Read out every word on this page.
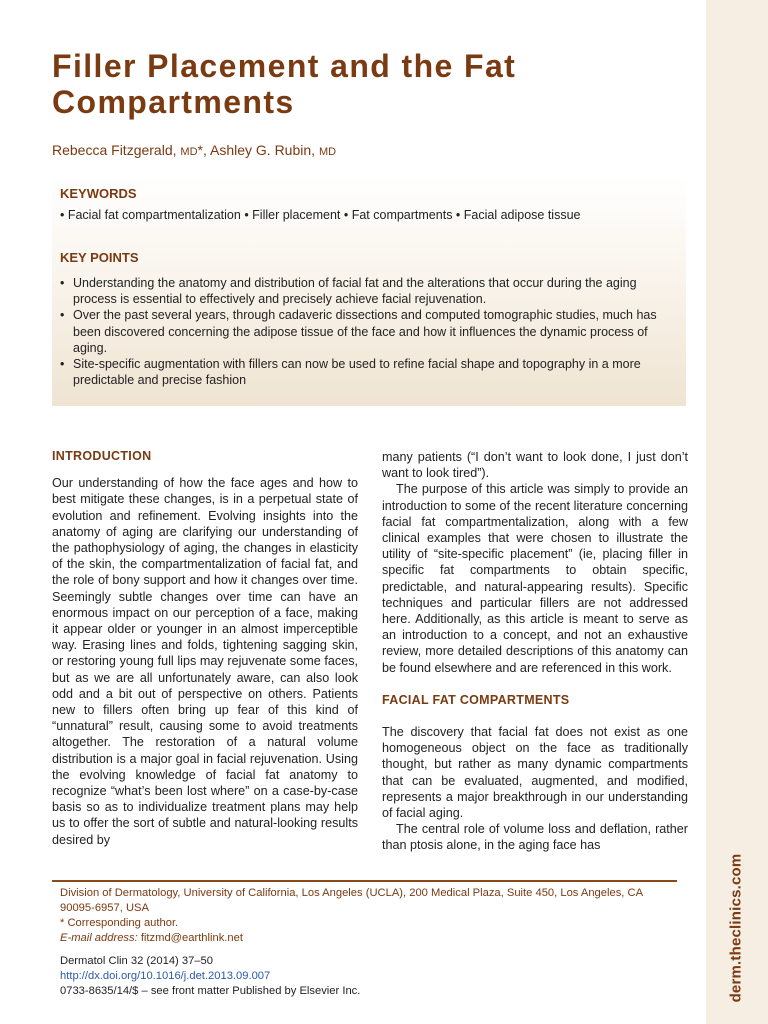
derm.theclinics.com
Filler Placement and the Fat Compartments
Rebecca Fitzgerald, MD*, Ashley G. Rubin, MD
KEYWORDS
• Facial fat compartmentalization • Filler placement • Fat compartments • Facial adipose tissue
KEY POINTS
• Understanding the anatomy and distribution of facial fat and the alterations that occur during the aging process is essential to effectively and precisely achieve facial rejuvenation.
• Over the past several years, through cadaveric dissections and computed tomographic studies, much has been discovered concerning the adipose tissue of the face and how it influences the dynamic process of aging.
• Site-specific augmentation with fillers can now be used to refine facial shape and topography in a more predictable and precise fashion
INTRODUCTION

Our understanding of how the face ages and how to best mitigate these changes, is in a perpetual state of evolution and refinement. Evolving insights into the anatomy of aging are clarifying our understanding of the pathophysiology of aging, the changes in elasticity of the skin, the compartmentalization of facial fat, and the role of bony support and how it changes over time. Seemingly subtle changes over time can have an enormous impact on our perception of a face, making it appear older or younger in an almost imperceptible way. Erasing lines and folds, tightening sagging skin, or restoring young full lips may rejuvenate some faces, but as we are all unfortunately aware, can also look odd and a bit out of perspective on others. Patients new to fillers often bring up fear of this kind of “unnatural” result, causing some to avoid treatments altogether. The restoration of a natural volume distribution is a major goal in facial rejuvenation. Using the evolving knowledge of facial fat anatomy to recognize “what’s been lost where” on a case-by-case basis so as to individualize treatment plans may help us to offer the sort of subtle and natural-looking results desired by

many patients (“I don’t want to look done, I just don’t want to look tired”).

The purpose of this article was simply to provide an introduction to some of the recent literature concerning facial fat compartmentalization, along with a few clinical examples that were chosen to illustrate the utility of “site-specific placement” (ie, placing filler in specific fat compartments to obtain specific, predictable, and natural-appearing results). Specific techniques and particular fillers are not addressed here. Additionally, as this article is meant to serve as an introduction to a concept, and not an exhaustive review, more detailed descriptions of this anatomy can be found elsewhere and are referenced in this work.

FACIAL FAT COMPARTMENTS

The discovery that facial fat does not exist as one homogeneous object on the face as traditionally thought, but rather as many dynamic compartments that can be evaluated, augmented, and modified, represents a major breakthrough in our understanding of facial aging.

The central role of volume loss and deflation, rather than ptosis alone, in the aging face has

Division of Dermatology, University of California, Los Angeles (UCLA), 200 Medical Plaza, Suite 450, Los Angeles, CA 90095-6957, USA

* Corresponding author.

E-mail address: fitzmd@earthlink.net

Dermatol Clin 32 (2014) 37–50

http://dx.doi.org/10.1016/j.det.2013.09.007

0733-8635/14/$ – see front matter Published by Elsevier Inc.
